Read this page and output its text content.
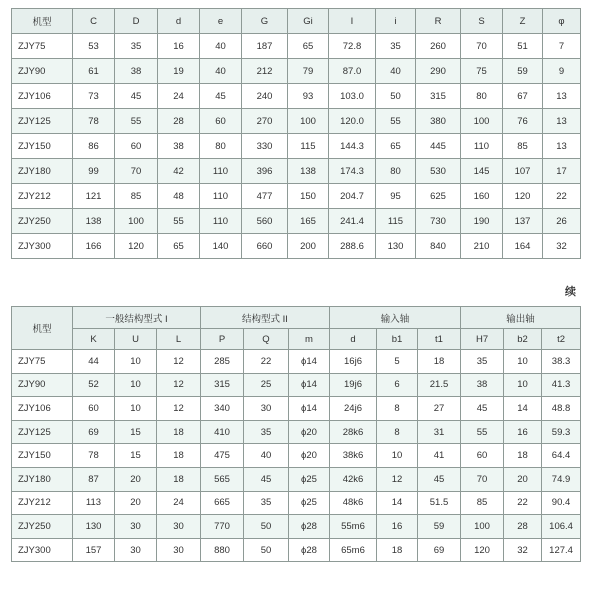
机型	C	D	d	e	G	Gi	I	i	R	S	Z	φ
ZJY75	53	35	16	40	187	65	72.8	35	260	70	51	7
ZJY90	61	38	19	40	212	79	87.0	40	290	75	59	9
ZJY106	73	45	24	45	240	93	103.0	50	315	80	67	13
ZJY125	78	55	28	60	270	100	120.0	55	380	100	76	13
ZJY150	86	60	38	80	330	115	144.3	65	445	110	85	13
ZJY180	99	70	42	110	396	138	174.3	80	530	145	107	17
ZJY212	121	85	48	110	477	150	204.7	95	625	160	120	22
ZJY250	138	100	55	110	560	165	241.4	115	730	190	137	26
ZJY300	166	120	65	140	660	200	288.6	130	840	210	164	32
续
机型	一般结构型式 I			结构型式 II			输入轴			输出轴		
	K	U	L	P	Q	m	d	b1	t1	H7	b2	t2
ZJY75	44	10	12	285	22	ϕ14	16j6	5	18	35	10	38.3
ZJY90	52	10	12	315	25	ϕ14	19j6	6	21.5	38	10	41.3
ZJY106	60	10	12	340	30	ϕ14	24j6	8	27	45	14	48.8
ZJY125	69	15	18	410	35	ϕ20	28k6	8	31	55	16	59.3
ZJY150	78	15	18	475	40	ϕ20	38k6	10	41	60	18	64.4
ZJY180	87	20	18	565	45	ϕ25	42k6	12	45	70	20	74.9
ZJY212	113	20	24	665	35	ϕ25	48k6	14	51.5	85	22	90.4
ZJY250	130	30	30	770	50	ϕ28	55m6	16	59	100	28	106.4
ZJY300	157	30	30	880	50	ϕ28	65m6	18	69	120	32	127.4
